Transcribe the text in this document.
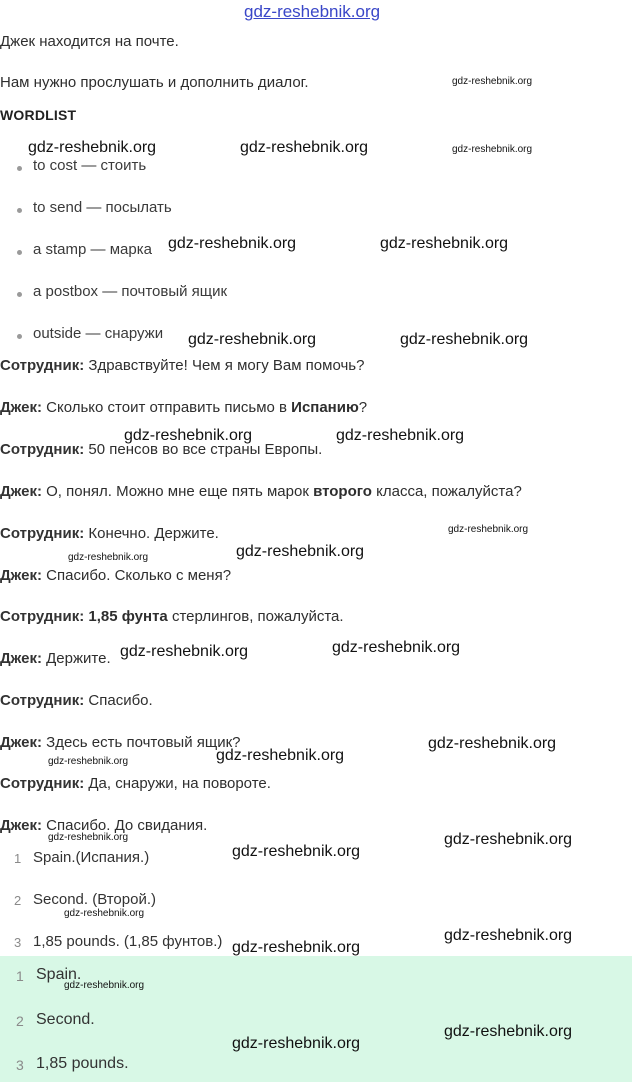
Джек находится на почте.
Нам нужно прослушать и дополнить диалог.
WORDLIST
to cost — стоить
to send — посылать
a stamp — марка
a postbox — почтовый ящик
outside — снаружи
Сотрудник: Здравствуйте! Чем я могу Вам помочь?
Джек: Сколько стоит отправить письмо в Испанию?
Сотрудник: 50 пенсов во все страны Европы.
Джек: О, понял. Можно мне еще пять марок второго класса, пожалуйста?
Сотрудник: Конечно. Держите.
Джек: Спасибо. Сколько с меня?
Сотрудник: 1,85 фунта стерлингов, пожалуйста.
Джек: Держите.
Сотрудник: Спасибо.
Джек: Здесь есть почтовый ящик?
Сотрудник: Да, снаружи, на повороте.
Джек: Спасибо. До свидания.
1 Spain.(Испания.)
2 Second. (Второй.)
3 1,85 pounds. (1,85 фунтов.)
1 Spain.
2 Second.
3 1,85 pounds.
gdz-reshebnik.org
gdz-reshebnik.org
gdz-reshebnik.org	gdz-reshebnik.org	gdz-reshebnik.org
gdz-reshebnik.org	gdz-reshebnik.org
gdz-reshebnik.org	gdz-reshebnik.org
gdz-reshebnik.org	gdz-reshebnik.org
gdz-reshebnik.org
gdz-reshebnik.org	gdz-reshebnik.org
gdz-reshebnik.org	gdz-reshebnik.org
gdz-reshebnik.org
gdz-reshebnik.org
gdz-reshebnik.org
gdz-reshebnik.org	gdz-reshebnik.org
gdz-reshebnik.org
gdz-reshebnik.org
gdz-reshebnik.org
gdz-reshebnik.org
gdz-reshebnik.org
gdz-reshebnik.org
gdz-reshebnik.org
